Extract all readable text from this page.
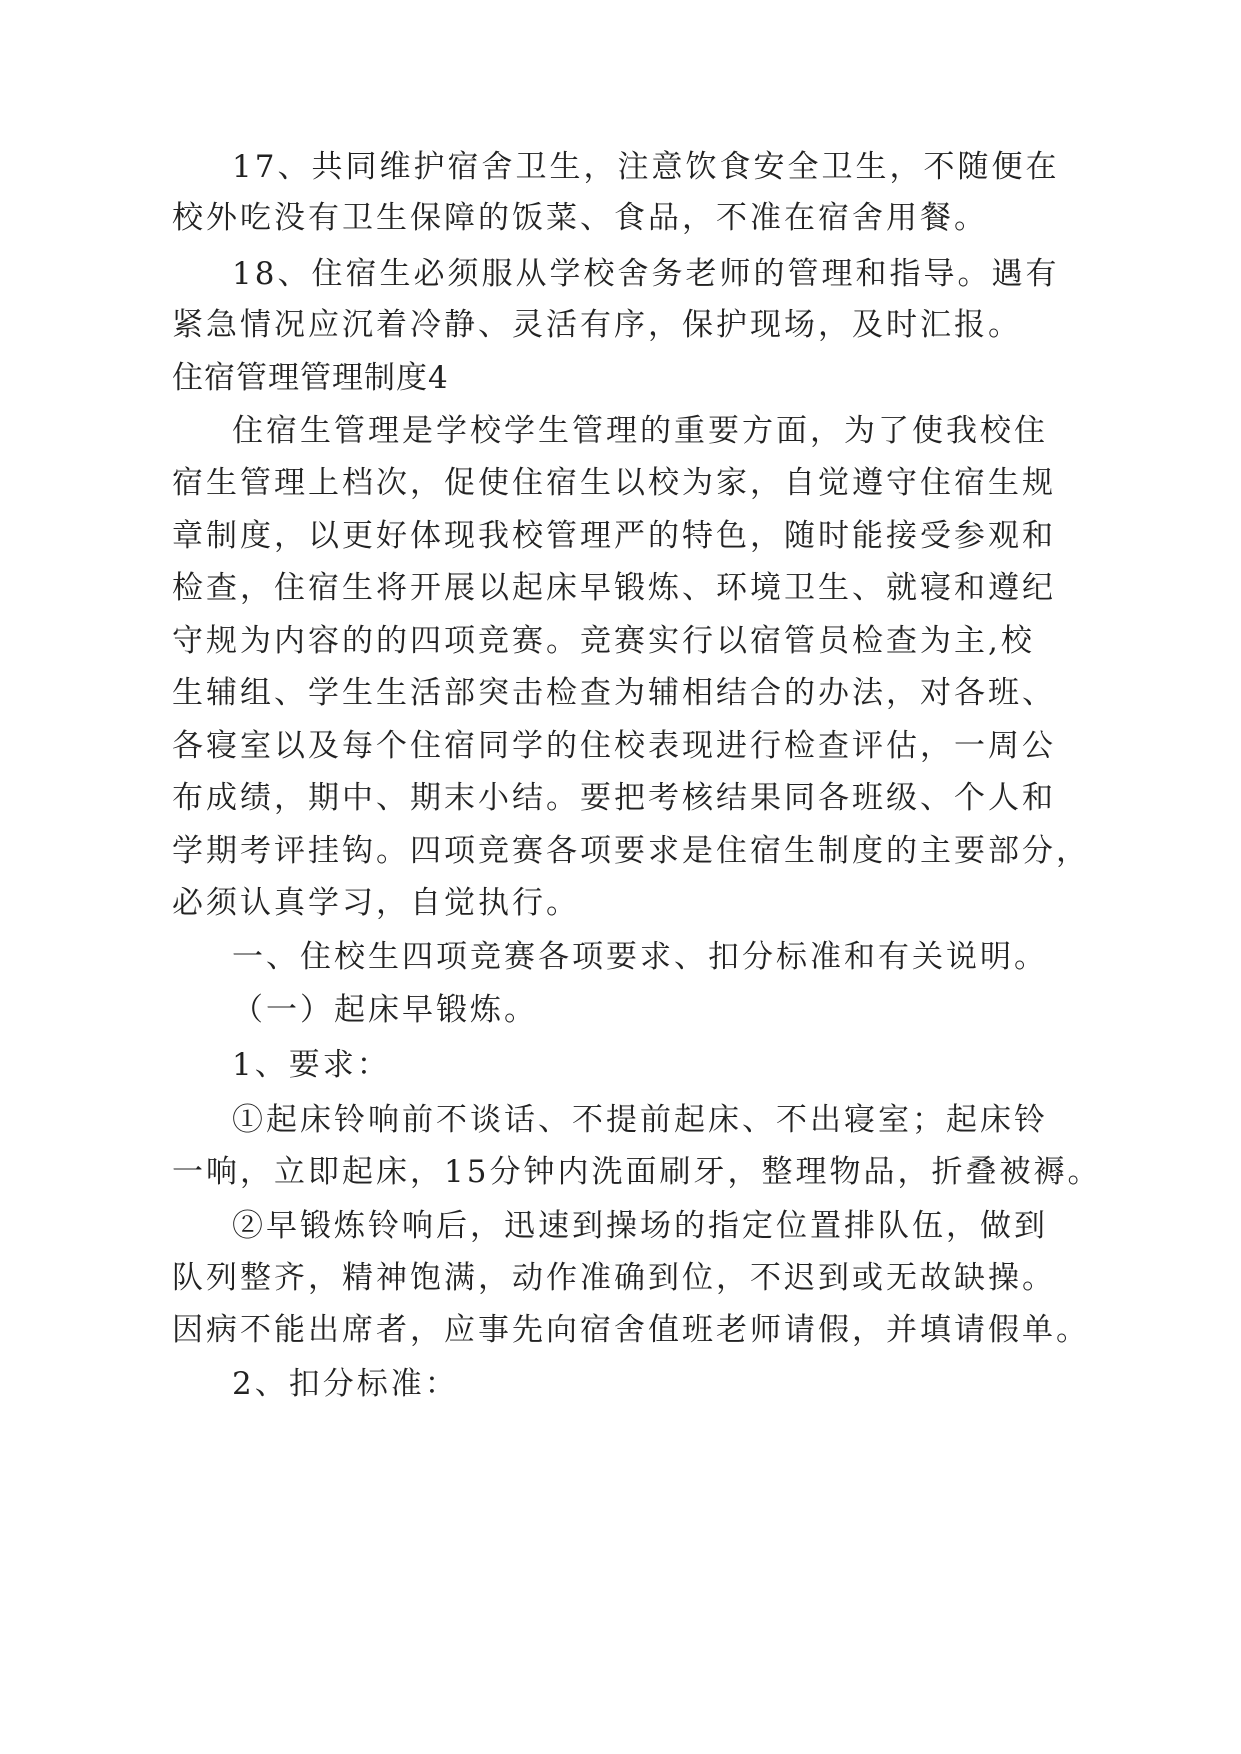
17、共同维护宿舍卫生，注意饮食安全卫生，不随便在

校外吃没有卫生保障的饭菜、食品，不准在宿舍用餐。

18、住宿生必须服从学校舍务老师的管理和指导。遇有

紧急情况应沉着冷静、灵活有序，保护现场，及时汇报。

住宿管理管理制度4

住宿生管理是学校学生管理的重要方面，为了使我校住

宿生管理上档次，促使住宿生以校为家，自觉遵守住宿生规

章制度，以更好体现我校管理严的特色，随时能接受参观和

检查，住宿生将开展以起床早锻炼、环境卫生、就寝和遵纪

守规为内容的的四项竞赛。竞赛实行以宿管员检查为主,校

生辅组、学生生活部突击检查为辅相结合的办法，对各班、

各寝室以及每个住宿同学的住校表现进行检查评估，一周公

布成绩，期中、期末小结。要把考核结果同各班级、个人和

学期考评挂钩。四项竞赛各项要求是住宿生制度的主要部分，

必须认真学习，自觉执行。

一、住校生四项竞赛各项要求、扣分标准和有关说明。

（一）起床早锻炼。

1、要求：

①起床铃响前不谈话、不提前起床、不出寝室；起床铃

一响，立即起床，15分钟内洗面刷牙，整理物品，折叠被褥。

②早锻炼铃响后，迅速到操场的指定位置排队伍，做到

队列整齐，精神饱满，动作准确到位，不迟到或无故缺操。

因病不能出席者，应事先向宿舍值班老师请假，并填请假单。

2、扣分标准：
